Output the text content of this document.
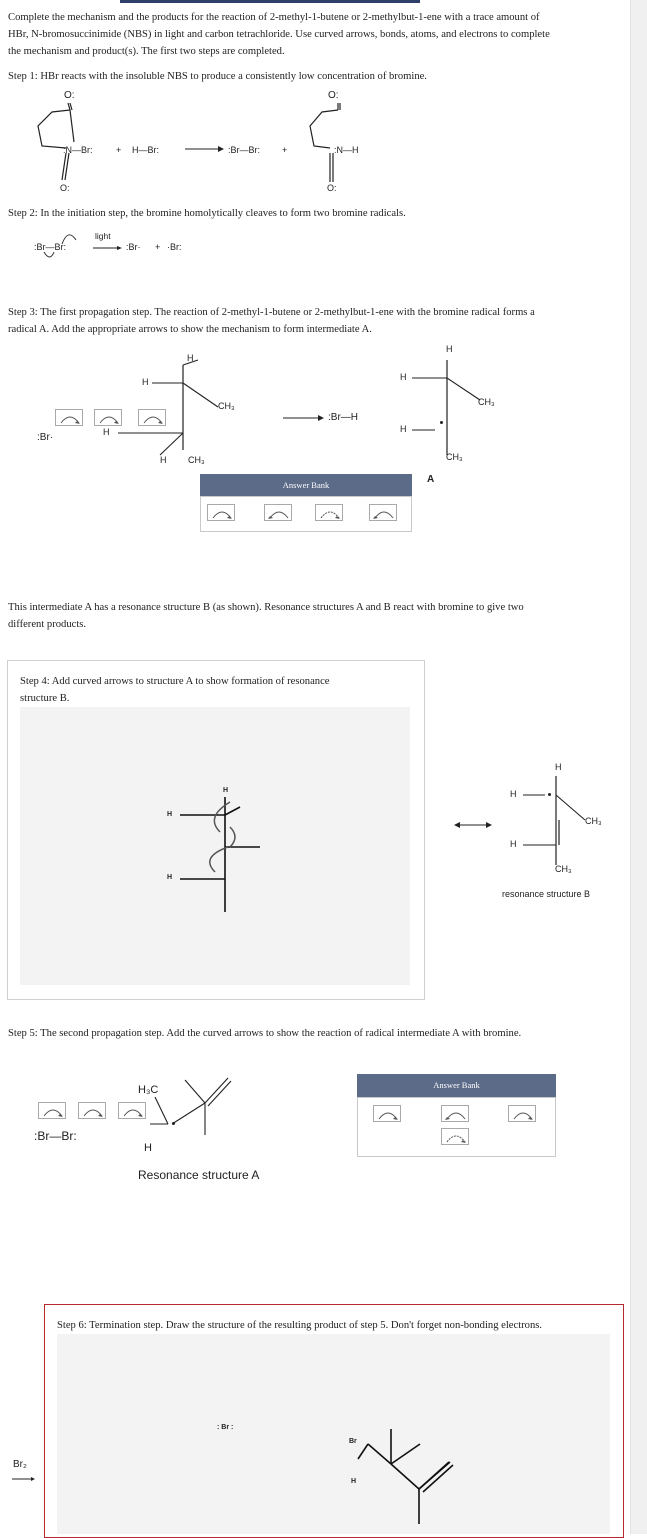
Complete the mechanism and the products for the reaction of 2-methyl-1-butene or 2-methylbut-1-ene with a trace amount of
HBr, N-bromosuccinimide (NBS) in light and carbon tetrachloride. Use curved arrows, bonds, atoms, and electrons to complete
the mechanism and product(s). The first two steps are completed.
Step 1: HBr reacts with the insoluble NBS to produce a consistently low concentration of bromine.
O:
:N—Br:	+ H—Br:	:Br—Br: +
O:
:N—H
O:	O:
Step 2: In the initiation step, the bromine homolytically cleaves to form two bromine radicals.
:Br—Br:
light
:Br· + ·Br:
Step 3: The first propagation step. The reaction of 2-methyl-1-butene or 2-methylbut-1-ene with the bromine radical forms a
radical A. Add the appropriate arrows to show the mechanism to form intermediate A.
:Br·
H
H
CH₃
H
H CH₃
:Br—H
H
H
CH₃
H
CH₃
A
Answer Bank
This intermediate A has a resonance structure B (as shown). Resonance structures A and B react with bromine to give two
different products.
Step 4: Add curved arrows to structure A to show formation of resonance
structure B.
H
H
H
H
H
CH₃
H
CH₃
resonance structure B
Step 5: The second propagation step. Add the curved arrows to show the reaction of radical intermediate A with bromine.
H₃C
H
:Br—Br:
Resonance structure A
Answer Bank
Step 6: Termination step. Draw the structure of the resulting product of step 5. Don't forget non-bonding electrons.
: Br :
Br
H
Br₂
